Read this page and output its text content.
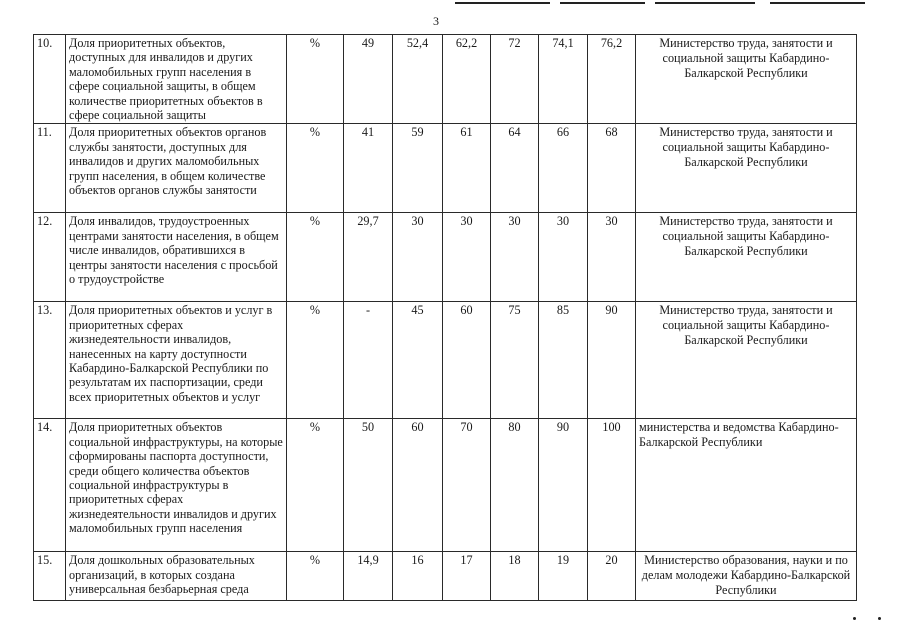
3
10.	Доля приоритетных объектов, доступных для инвалидов и других маломобильных групп населения в сфере социальной защиты, в общем количестве приоритетных объектов в сфере социальной защиты	%	49	52,4	62,2	72	74,1	76,2	Министерство труда, занятости и социальной защиты Кабардино-Балкарской Республики
11.	Доля приоритетных объектов органов службы занятости, доступных для инвалидов и других маломобильных групп населения, в общем количестве объектов органов службы занятости	%	41	59	61	64	66	68	Министерство труда, занятости и социальной защиты Кабардино-Балкарской Республики
12.	Доля инвалидов, трудоустроенных центрами занятости населения, в общем числе инвалидов, обратившихся в центры занятости населения с просьбой о трудоустройстве	%	29,7	30	30	30	30	30	Министерство труда, занятости и социальной защиты Кабардино-Балкарской Республики
13.	Доля приоритетных объектов и услуг в приоритетных сферах жизнедеятельности инвалидов, нанесенных на карту доступности Кабардино-Балкарской Республики по результатам их паспортизации, среди всех приоритетных объектов и услуг	%	-	45	60	75	85	90	Министерство труда, занятости и социальной защиты Кабардино-Балкарской Республики
14.	Доля приоритетных объектов социальной инфраструктуры, на которые сформированы паспорта доступности, среди общего количества объектов социальной инфраструктуры в приоритетных сферах жизнедеятельности инвалидов и других маломобильных групп населения	%	50	60	70	80	90	100	министерства и ведомства Кабардино-Балкарской Республики
15.	Доля дошкольных образовательных организаций, в которых создана универсальная безбарьерная среда	%	14,9	16	17	18	19	20	Министерство образования, науки и по делам молодежи Кабардино-Балкарской Республики
